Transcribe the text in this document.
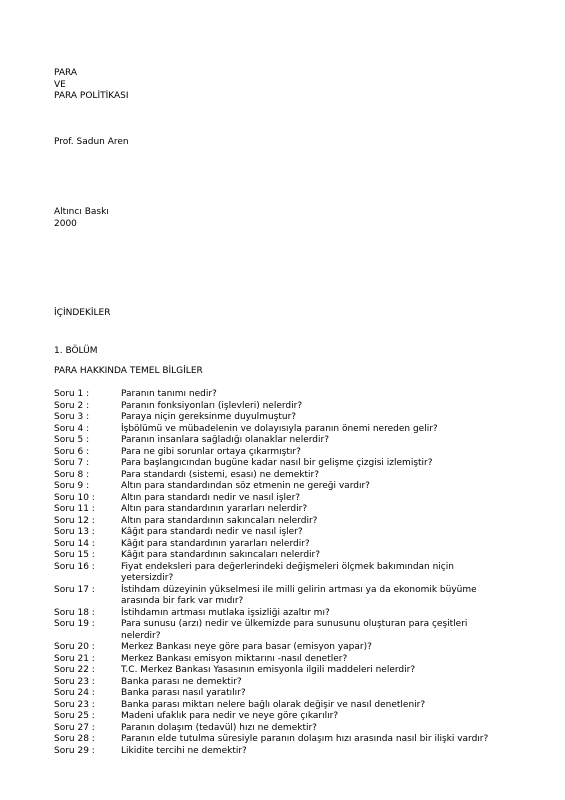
PARA
VE
PARA POLİTİKASI
Prof. Sadun Aren
Altıncı Baskı
2000
İÇİNDEKİLER
1. BÖLÜM
PARA HAKKINDA TEMEL BİLGİLER
Soru 1 :	Paranın tanımı nedir?
Soru 2 :	Paranın fonksiyonları (işlevleri) nelerdir?
Soru 3 :	Paraya niçin gereksinme duyulmuştur?
Soru 4 :	İşbölümü ve mübadelenin ve dolayısıyla paranın önemi nereden gelir?
Soru 5 :	Paranın insanlara sağladığı olanaklar nelerdir?
Soru 6 :	Para ne gibi sorunlar ortaya çıkarmıştır?
Soru 7 :	Para başlangıcından bugüne kadar nasıl bir gelişme çizgisi izlemiştir?
Soru 8 :	Para standardı (sistemi, esası) ne demektir?
Soru 9 :	Altın para standardından söz etmenin ne gereği vardır?
Soru 10 :	Altın para standardı nedir ve nasıl işler?
Soru 11 :	Altın para standardının yararları nelerdir?
Soru 12 :	Altın para standardının sakıncaları nelerdir?
Soru 13 :	Kâğıt para standardı nedir ve nasıl işler?
Soru 14 :	Kâğıt para standardının yararları nelerdir?
Soru 15 :	Kâğıt para standardının sakıncaları nelerdir?
Soru 16 :	Fiyat endeksleri para değerlerindeki değişmeleri ölçmek bakımından niçin yetersizdir?
Soru 17 :	İstihdam düzeyinin yükselmesi ile milli gelirin artması ya da ekonomik büyüme arasında bir fark var mıdır?
Soru 18 :	İstihdamın artması mutlaka işsizliği azaltır mı?
Soru 19 :	Para sunusu (arzı) nedir ve ülkemizde para sunusunu oluşturan para çeşitleri nelerdir?
Soru 20 :	Merkez Bankası neye göre para basar (emisyon yapar)?
Soru 21 :	Merkez Bankası emisyon miktarını -nasıl denetler?
Soru 22 :	T.C. Merkez Bankası Yasasının emisyonla ilgili maddeleri nelerdir?
Soru 23 :	Banka parası ne demektir?
Soru 24 :	Banka parası nasıl yaratılır?
Soru 23 :	Banka parası miktarı nelere bağlı olarak değişir ve nasıl denetlenir?
Soru 25 :	Madeni ufaklık para nedir ve neye göre çıkarılır?
Soru 27 :	Paranın dolaşım (tedavül) hızı ne demektir?
Soru 28 :	Paranın elde tutulma süresiyle paranın dolaşım hızı arasında nasıl bir ilişki vardır?
Soru 29 :	Likidite tercihi ne demektir?
